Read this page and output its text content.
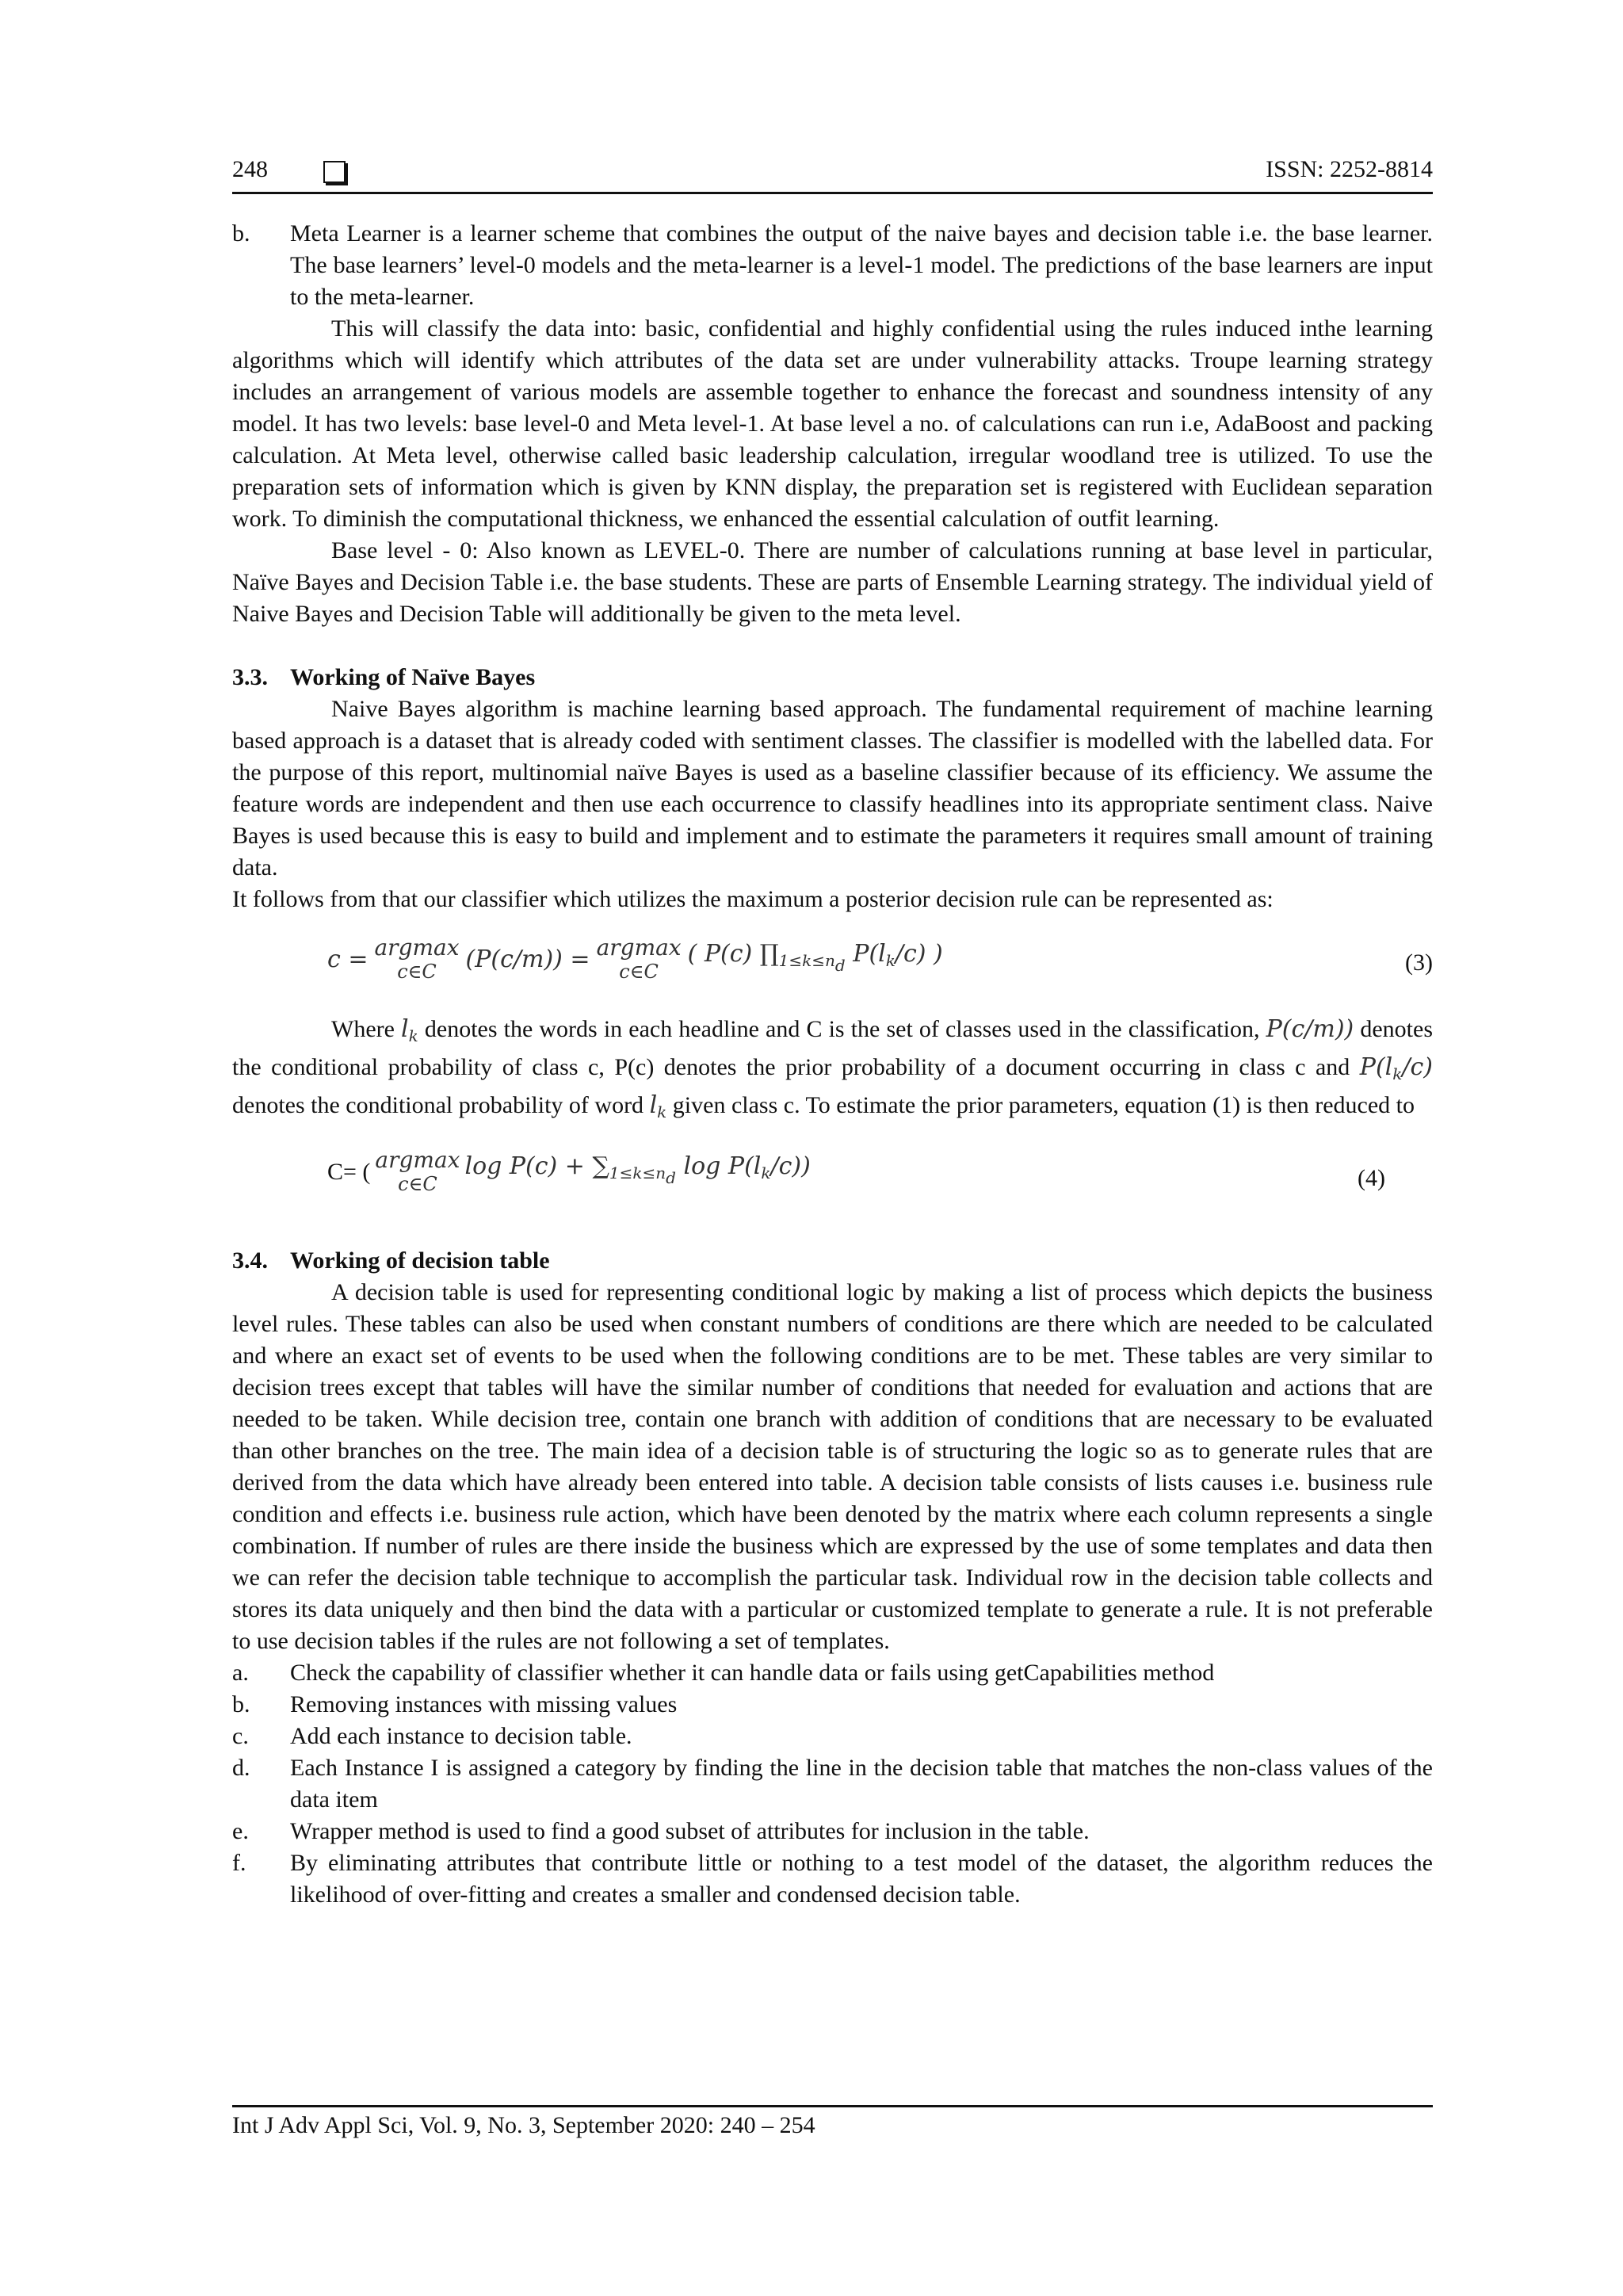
248	ISSN: 2252-8814
b. Meta Learner is a learner scheme that combines the output of the naive bayes and decision table i.e. the base learner. The base learners’ level-0 models and the meta-learner is a level-1 model. The predictions of the base learners are input to the meta-learner.

This will classify the data into: basic, confidential and highly confidential using the rules induced inthe learning algorithms which will identify which attributes of the data set are under vulnerability attacks. Troupe learning strategy includes an arrangement of various models are assemble together to enhance the forecast and soundness intensity of any model. It has two levels: base level-0 and Meta level-1. At base level a no. of calculations can run i.e, AdaBoost and packing calculation. At Meta level, otherwise called basic leadership calculation, irregular woodland tree is utilized. To use the preparation sets of information which is given by KNN display, the preparation set is registered with Euclidean separation work. To diminish the computational thickness, we enhanced the essential calculation of outfit learning.

Base level - 0: Also known as LEVEL-0. There are number of calculations running at base level in particular, Naïve Bayes and Decision Table i.e. the base students. These are parts of Ensemble Learning strategy. The individual yield of Naive Bayes and Decision Table will additionally be given to the meta level.

3.3. Working of Naïve Bayes

Naive Bayes algorithm is machine learning based approach. The fundamental requirement of machine learning based approach is a dataset that is already coded with sentiment classes. The classifier is modelled with the labelled data. For the purpose of this report, multinomial naïve Bayes is used as a baseline classifier because of its efficiency. We assume the feature words are independent and then use each occurrence to classify headlines into its appropriate sentiment class. Naive Bayes is used because this is easy to build and implement and to estimate the parameters it requires small amount of training data.

It follows from that our classifier which utilizes the maximum a posterior decision rule can be represented as:

c = argmax
c∈C (P(c/m)) = argmax
c∈C
( P(c) $\prod_{1\le k\le nd}$ $P(l_k/c)$ )	(3)

Where $l_k$ denotes the words in each headline and C is the set of classes used in the classification, P(c/m)) denotes the conditional probability of class c, P(c) denotes the prior probability of a document occurring in class c and $P(l_k/c)$ denotes the conditional probability of word $l_k$ given class c. To estimate the prior parameters, equation (1) is then reduced to

C= ( argmax
c∈C
$\log P(c) + \sum_{1\le k\le nd}$ $\log P(l_k/c)$)	(4)
3.4. Working of decision table

A decision table is used for representing conditional logic by making a list of process which depicts the business level rules. These tables can also be used when constant numbers of conditions are there which are needed to be calculated and where an exact set of events to be used when the following conditions are to be met. These tables are very similar to decision trees except that tables will have the similar number of conditions that needed for evaluation and actions that are needed to be taken. While decision tree, contain one branch with addition of conditions that are necessary to be evaluated than other branches on the tree. The main idea of a decision table is of structuring the logic so as to generate rules that are derived from the data which have already been entered into table. A decision table consists of lists causes i.e. business rule condition and effects i.e. business rule action, which have been denoted by the matrix where each column represents a single combination. If number of rules are there inside the business which are expressed by the use of some templates and data then we can refer the decision table technique to accomplish the particular task. Individual row in the decision table collects and stores its data uniquely and then bind the data with a particular or customized template to generate a rule. It is not preferable to use decision tables if the rules are not following a set of templates.

a. Check the capability of classifier whether it can handle data or fails using getCapabilities method

b. Removing instances with missing values

c. Add each instance to decision table.

d. Each Instance I is assigned a category by finding the line in the decision table that matches the non-class values of the data item

e. Wrapper method is used to find a good subset of attributes for inclusion in the table.

f. By eliminating attributes that contribute little or nothing to a test model of the dataset, the algorithm reduces the likelihood of over-fitting and creates a smaller and condensed decision table.

Int J Adv Appl Sci, Vol. 9, No. 3, September 2020: 240 – 254
